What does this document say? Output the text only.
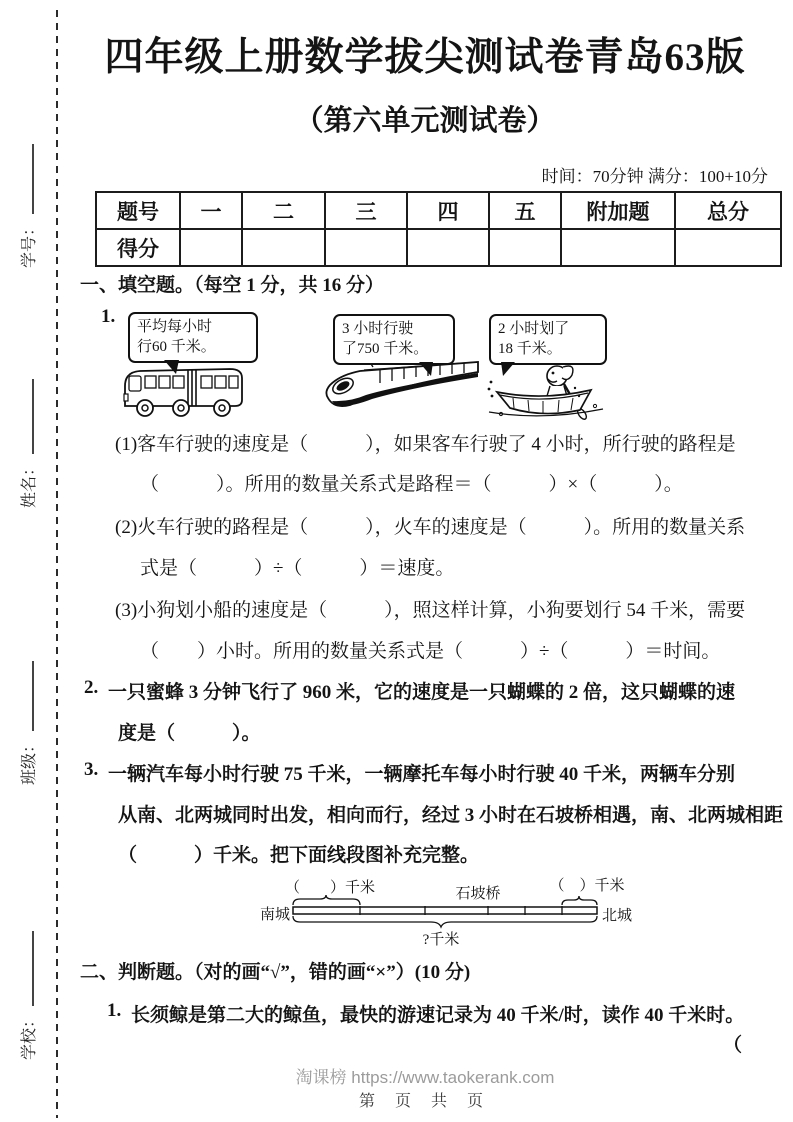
学号：
姓名：
班级：
学校：
四年级上册数学拔尖测试卷青岛63版
（第六单元测试卷）
时间：70分钟 满分：100+10分
题号	一	二	三	四	五	附加题	总分
得分							
一、填空题。（每空 1 分，共 16 分）
1.	平均每小时
行60 千米。
3 小时行驶
了750 千米。
2 小时划了
18 千米。
(1)客车行驶的速度是（　　　），如果客车行驶了 4 小时，所行驶的路程是
（　　　）。所用的数量关系式是路程＝（　　　）×（　　　）。
(2)火车行驶的路程是（　　　），火车的速度是（　　　）。所用的数量关系
式是（　　　）÷（　　　）＝速度。
(3)小狗划小船的速度是（　　　），照这样计算，小狗要划行 54 千米，需要
（　　）小时。所用的数量关系式是（　　　）÷（　　　）＝时间。
2. 一只蜜蜂 3 分钟飞行了 960 米，它的速度是一只蝴蝶的 2 倍，这只蝴蝶的速
度是（　　　）。
3. 一辆汽车每小时行驶 75 千米，一辆摩托车每小时行驶 40 千米，两辆车分别
从南、北两城同时出发，相向而行，经过 3 小时在石坡桥相遇，南、北两城相距
（　　　）千米。把下面线段图补充完整。
（　　）千米	石坡桥	（　）千米
南城	北城
?千米
二、判断题。（对的画“√”，错的画“×”）(10 分)
1. 长须鲸是第二大的鲸鱼，最快的游速记录为 40 千米/时，读作 40 千米时。
（
淘课榜 https://www.taokerank.com
第 页 共 页
